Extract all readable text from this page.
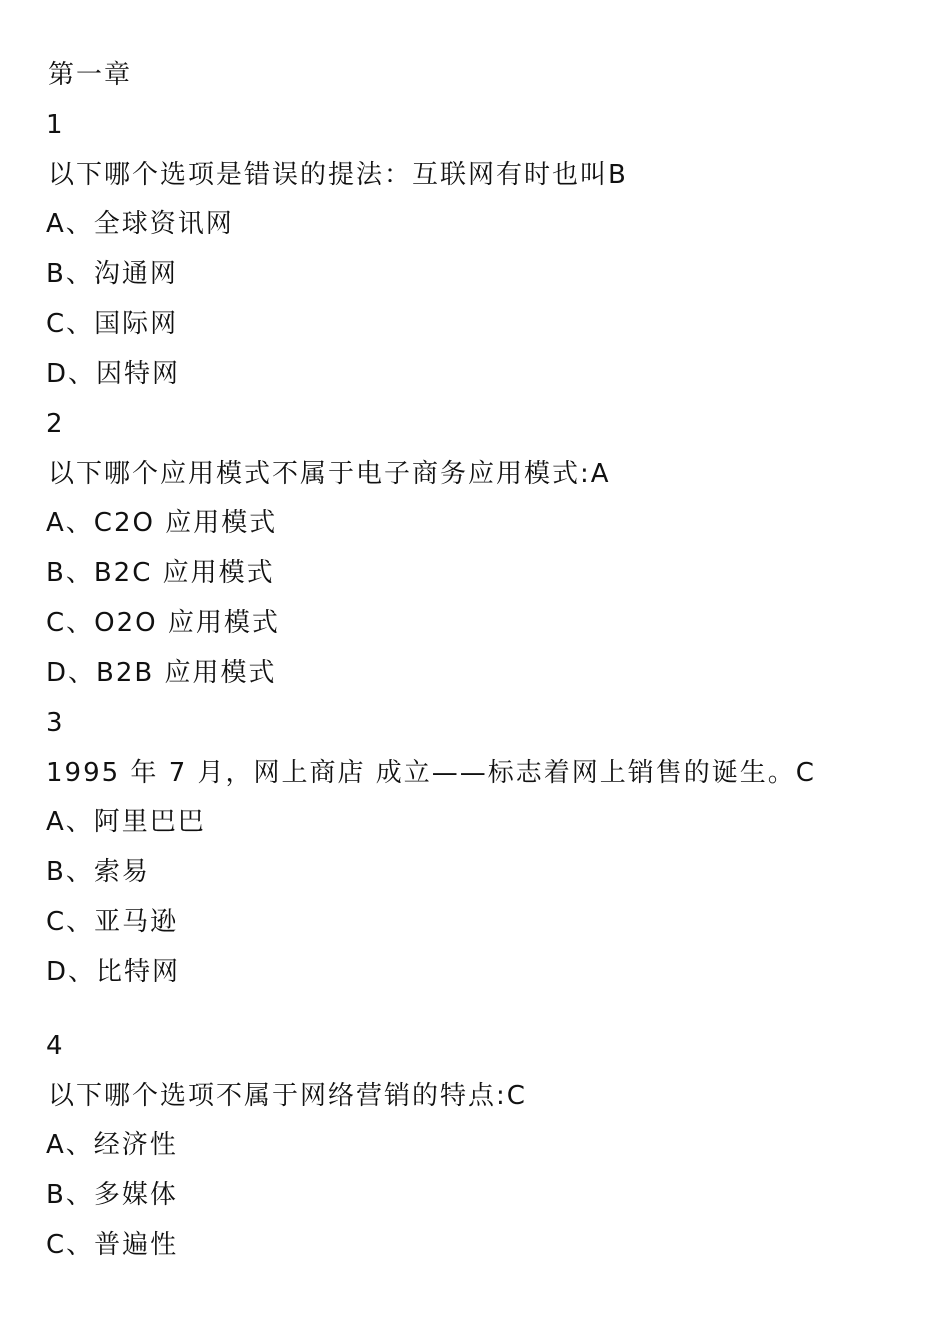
第一章
1
以下哪个选项是错误的提法：互联网有时也叫B
A、全球资讯网
B、沟通网
C、国际网
D、因特网
2
以下哪个应用模式不属于电子商务应用模式:A
A、C2O 应用模式
B、B2C 应用模式
C、O2O 应用模式
D、B2B 应用模式
3
1995 年 7 月，网上商店 成立——标志着网上销售的诞生。C
A、阿里巴巴
B、索易
C、亚马逊
D、比特网
4
以下哪个选项不属于网络营销的特点:C
A、经济性
B、多媒体
C、普遍性
